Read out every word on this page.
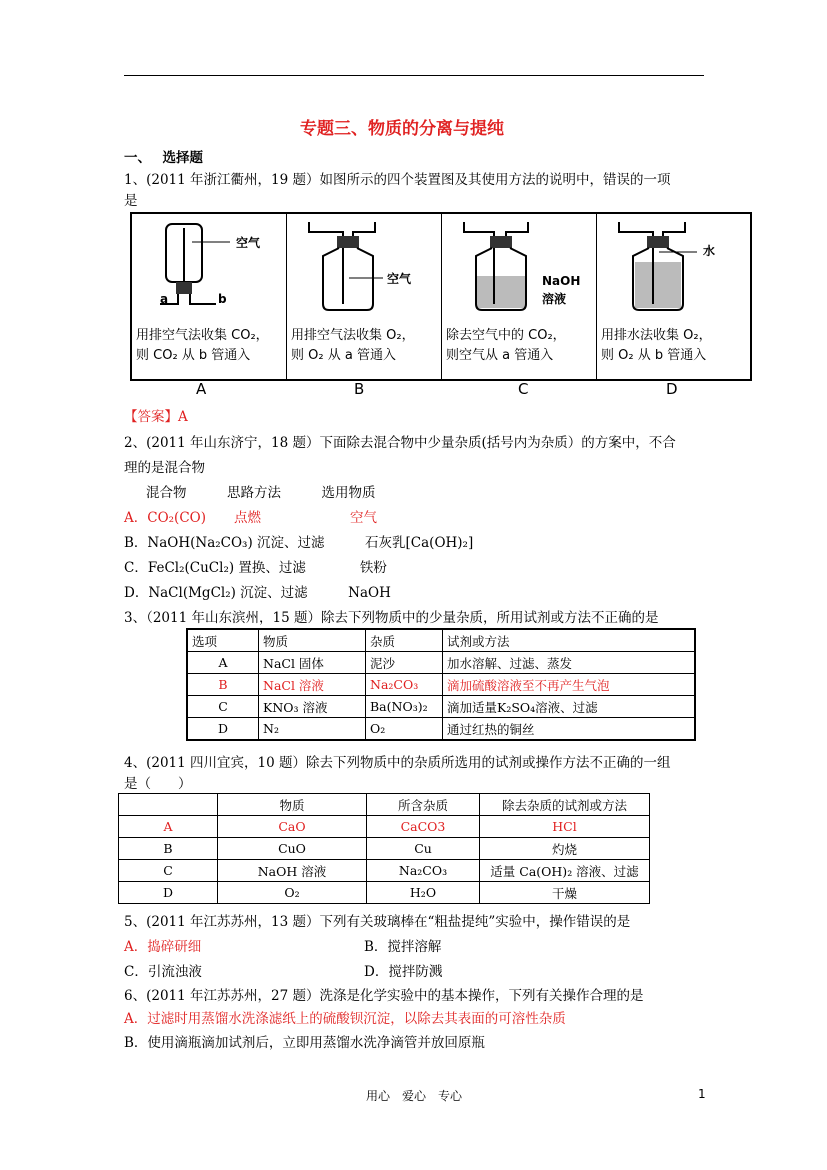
专题三、物质的分离与提纯
一、　 选择题
1、(2011 年浙江衢州，19 题）如图所示的四个装置图及其使用方法的说明中，错误的一项
是
空气
a	b
用排空气法收集 CO₂，
则 CO₂ 从 b 管通入
空气
用排空气法收集 O₂，
则 O₂ 从 a 管通入
NaOH
溶液
除去空气中的 CO₂，
则空气从 a 管通入
水
用排水法收集 O₂，
则 O₂ 从 b 管通入
A	B	C	D
【答案】A
2、(2011 年山东济宁，18 题）下面除去混合物中少量杂质(括号内为杂质）的方案中，不合
理的是混合物
混合物　　　思路方法　　　选用物质
A．CO₂(CO) 点燃	空气
B．NaOH(Na₂CO₃) 沉淀、过滤　　　石灰乳[Ca(OH)₂]
C．FeCl₂(CuCl₂) 置换、过滤　　　　铁粉
D．NaCl(MgCl₂) 沉淀、过滤　　　NaOH
3、（2011 年山东滨州，15 题）除去下列物质中的少量杂质，所用试剂或方法不正确的是
选项	物质	杂质	试剂或方法
A	NaCl 固体	泥沙	加水溶解、过滤、蒸发
B	NaCl 溶液	Na₂CO₃	滴加硫酸溶液至不再产生气泡
C	KNO₃ 溶液	Ba(NO₃)₂	滴加适量K₂SO₄溶液、过滤
D	N₂	O₂	通过红热的铜丝
4、(2011 四川宜宾，10 题）除去下列物质中的杂质所选用的试剂或操作方法不正确的一组
是（　　）
	物质	所含杂质	除去杂质的试剂或方法
A	CaO	CaCO3	HCl
B	CuO	Cu	灼烧
C	NaOH 溶液	Na₂CO₃	适量 Ca(OH)₂ 溶液、过滤
D	O₂	H₂O	干燥
5、(2011 年江苏苏州，13 题）下列有关玻璃棒在“粗盐提纯”实验中，操作错误的是
A．捣碎研细	B．搅拌溶解
C．引流浊液	D．搅拌防溅
6、(2011 年江苏苏州，27 题）洗涤是化学实验中的基本操作，下列有关操作合理的是
A．过滤时用蒸馏水洗涤滤纸上的硫酸钡沉淀，以除去其表面的可溶性杂质
B．使用滴瓶滴加试剂后，立即用蒸馏水洗净滴管并放回原瓶
用心　爱心　专心	1
